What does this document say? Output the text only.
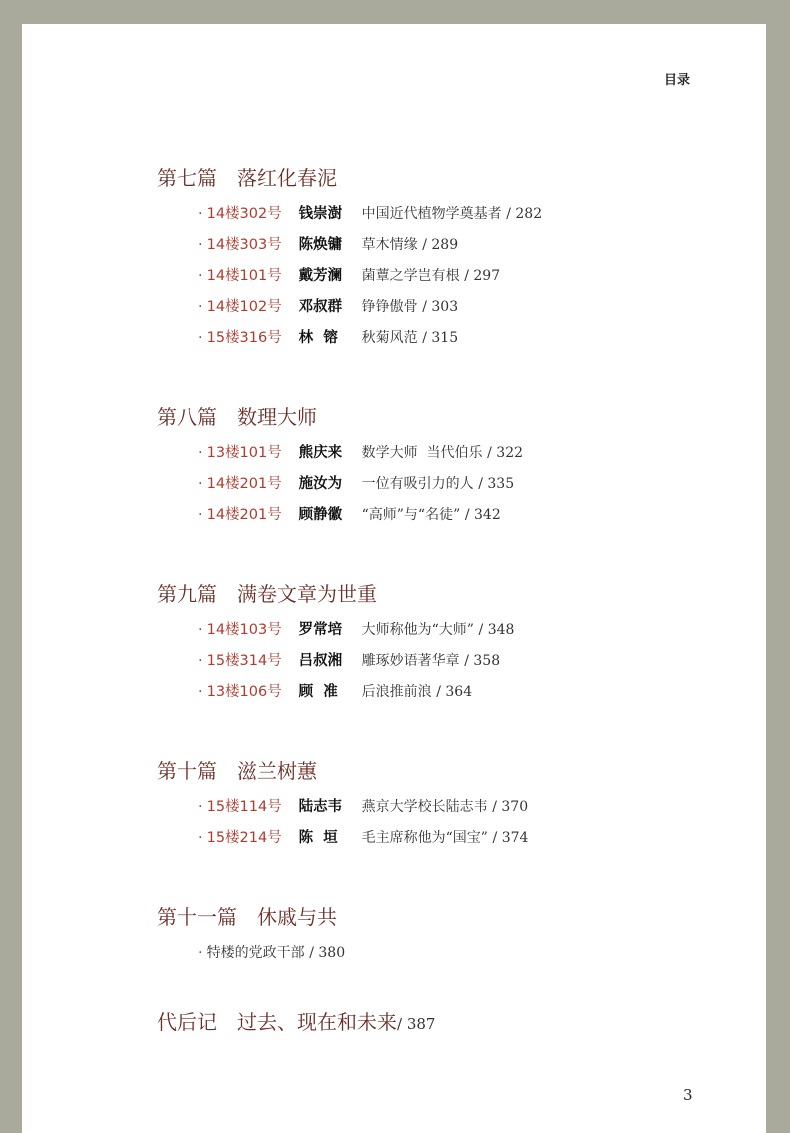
目录
第七篇 落红化春泥
· 14楼302号 钱崇澍 中国近代植物学奠基者 / 282
· 14楼303号 陈焕镛 草木情缘 / 289
· 14楼101号 戴芳澜 菌蕈之学岂有根 / 297
· 14楼102号 邓叔群 铮铮傲骨 / 303
· 15楼316号 林  镕 秋菊风范 / 315
第八篇 数理大师
· 13楼101号 熊庆来 数学大师  当代伯乐 / 322
· 14楼201号 施汝为 一位有吸引力的人 / 335
· 14楼201号 顾静徽 “高师”与“名徒” / 342
第九篇 满卷文章为世重
· 14楼103号 罗常培 大师称他为“大师” / 348
· 15楼314号 吕叔湘 雕琢妙语著华章 / 358
· 13楼106号 顾  准 后浪推前浪 / 364
第十篇 滋兰树蕙
· 15楼114号 陆志韦 燕京大学校长陆志韦 / 370
· 15楼214号 陈  垣 毛主席称他为“国宝” / 374
第十一篇 休戚与共
· 特楼的党政干部 / 380
代后记 过去、现在和未来/ 387
3
